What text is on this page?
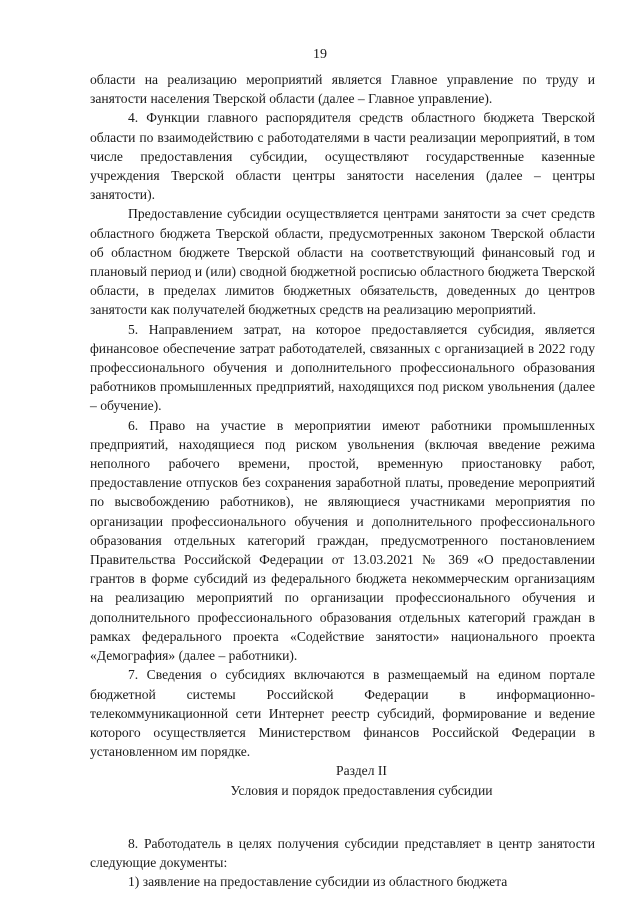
19

области на реализацию мероприятий является Главное управление по труду и занятости населения Тверской области (далее – Главное управление).

4. Функции главного распорядителя средств областного бюджета Тверской области по взаимодействию с работодателями в части реализации мероприятий, в том числе предоставления субсидии, осуществляют государственные казенные учреждения Тверской области центры занятости населения (далее – центры занятости).

Предоставление субсидии осуществляется центрами занятости за счет средств областного бюджета Тверской области, предусмотренных законом Тверской области об областном бюджете Тверской области на соответствующий финансовый год и плановый период и (или) сводной бюджетной росписью областного бюджета Тверской области, в пределах лимитов бюджетных обязательств, доведенных до центров занятости как получателей бюджетных средств на реализацию мероприятий.

5. Направлением затрат, на которое предоставляется субсидия, является финансовое обеспечение затрат работодателей, связанных с организацией в 2022 году профессионального обучения и дополнительного профессионального образования работников промышленных предприятий, находящихся под риском увольнения (далее – обучение).

6. Право на участие в мероприятии имеют работники промышленных предприятий, находящиеся под риском увольнения (включая введение режима неполного рабочего времени, простой, временную приостановку работ, предоставление отпусков без сохранения заработной платы, проведение мероприятий по высвобождению работников), не являющиеся участниками мероприятия по организации профессионального обучения и дополнительного профессионального образования отдельных категорий граждан, предусмотренного постановлением Правительства Российской Федерации от 13.03.2021 № 369 «О предоставлении грантов в форме субсидий из федерального бюджета некоммерческим организациям на реализацию мероприятий по организации профессионального обучения и дополнительного профессионального образования отдельных категорий граждан в рамках федерального проекта «Содействие занятости» национального проекта «Демография» (далее – работники).

7. Сведения о субсидиях включаются в размещаемый на едином портале бюджетной системы Российской Федерации в информационно-телекоммуникационной сети Интернет реестр субсидий, формирование и ведение которого осуществляется Министерством финансов Российской Федерации в установленном им порядке.

Раздел II

Условия и порядок предоставления субсидии

8. Работодатель в целях получения субсидии представляет в центр занятости следующие документы:

1) заявление на предоставление субсидии из областного бюджета
